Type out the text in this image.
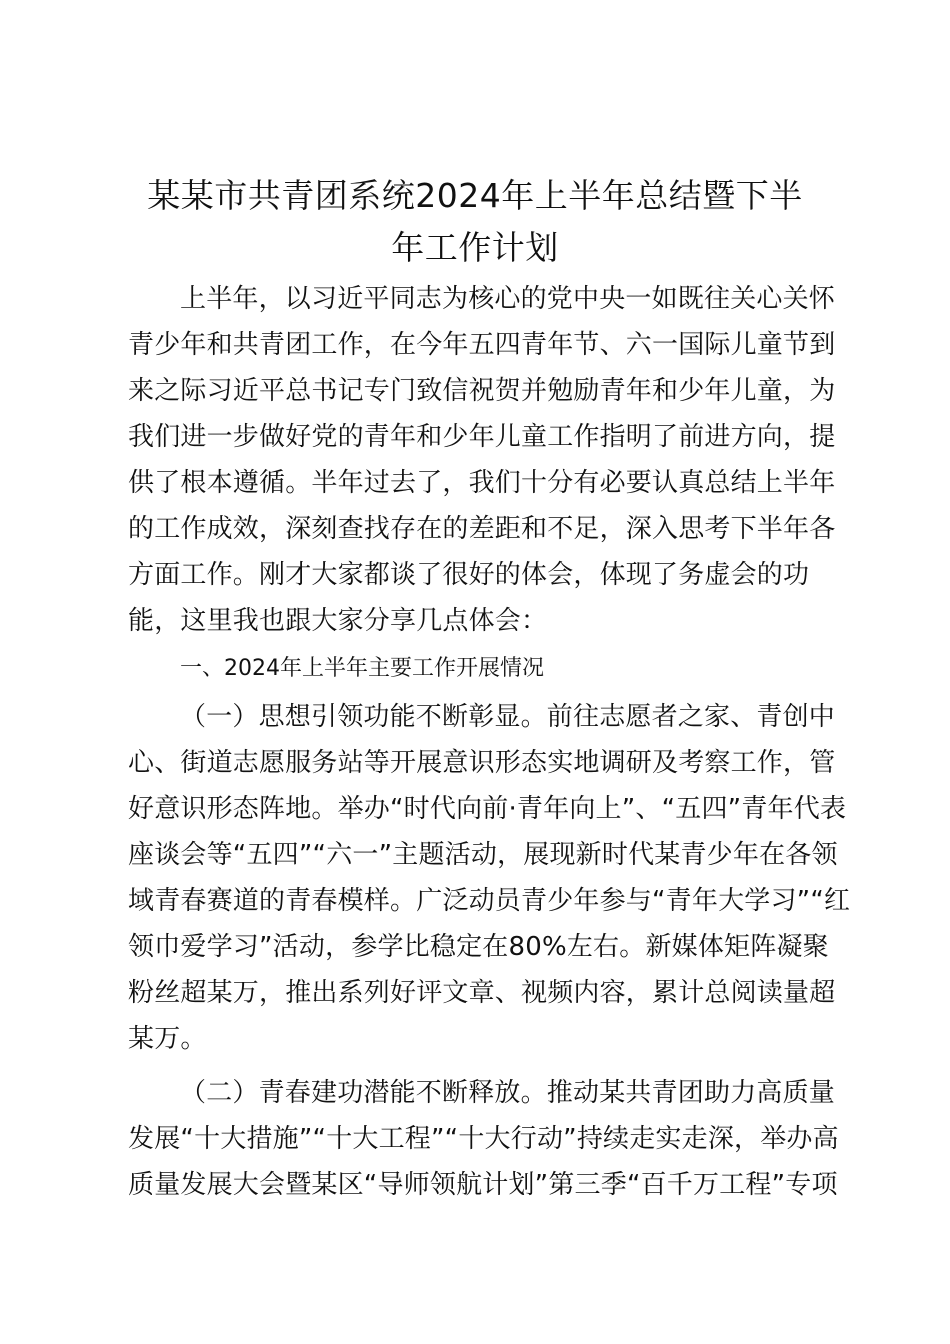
某某市共青团系统2024年上半年总结暨下半
年工作计划

上半年，以习近平同志为核心的党中央一如既往关心关怀
青少年和共青团工作，在今年五四青年节、六一国际儿童节到
来之际习近平总书记专门致信祝贺并勉励青年和少年儿童，为
我们进一步做好党的青年和少年儿童工作指明了前进方向，提
供了根本遵循。半年过去了，我们十分有必要认真总结上半年
的工作成效，深刻查找存在的差距和不足，深入思考下半年各
方面工作。刚才大家都谈了很好的体会，体现了务虚会的功
能，这里我也跟大家分享几点体会：

一、2024年上半年主要工作开展情况

（一）思想引领功能不断彰显。前往志愿者之家、青创中
心、街道志愿服务站等开展意识形态实地调研及考察工作，管
好意识形态阵地。举办“时代向前·青年向上”、“五四”青年代表
座谈会等“五四”“六一”主题活动，展现新时代某青少年在各领
域青春赛道的青春模样。广泛动员青少年参与“青年大学习”“红
领巾爱学习”活动，参学比稳定在80%左右。新媒体矩阵凝聚
粉丝超某万，推出系列好评文章、视频内容，累计总阅读量超
某万。

（二）青春建功潜能不断释放。推动某共青团助力高质量
发展“十大措施”“十大工程”“十大行动”持续走实走深，举办高
质量发展大会暨某区“导师领航计划”第三季“百千万工程”专项
